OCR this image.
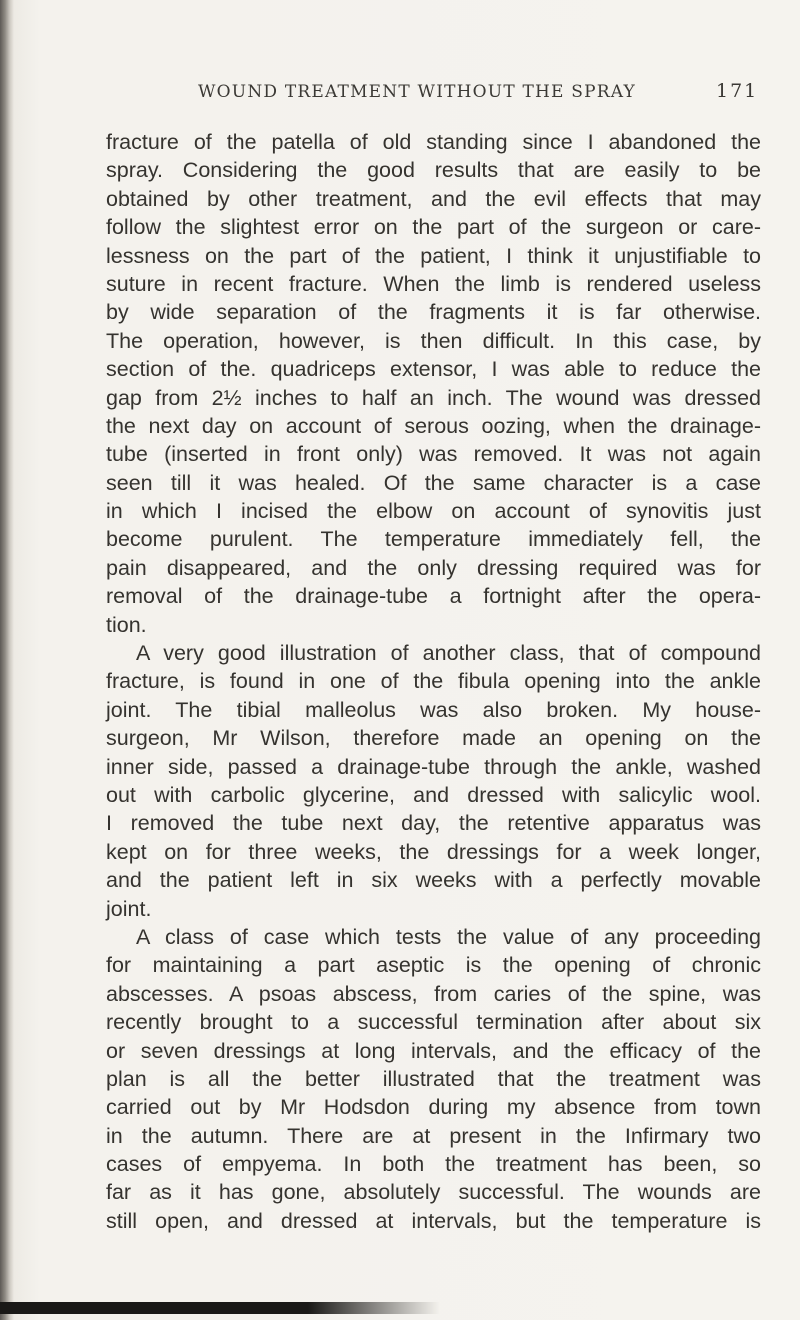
WOUND TREATMENT WITHOUT THE SPRAY	171
fracture of the patella of old standing since I abandoned the
spray. Considering the good results that are easily to be
obtained by other treatment, and the evil effects that may
follow the slightest error on the part of the surgeon or care-
lessness on the part of the patient, I think it unjustifiable to
suture in recent fracture. When the limb is rendered useless
by wide separation of the fragments it is far otherwise.
The operation, however, is then difficult. In this case, by
section of the. quadriceps extensor, I was able to reduce the
gap from 2½ inches to half an inch. The wound was dressed
the next day on account of serous oozing, when the drainage-
tube (inserted in front only) was removed. It was not again
seen till it was healed. Of the same character is a case
in which I incised the elbow on account of synovitis just
become purulent. The temperature immediately fell, the
pain disappeared, and the only dressing required was for
removal of the drainage-tube a fortnight after the opera-
tion.
A very good illustration of another class, that of compound
fracture, is found in one of the fibula opening into the ankle
joint. The tibial malleolus was also broken. My house-
surgeon, Mr Wilson, therefore made an opening on the
inner side, passed a drainage-tube through the ankle, washed
out with carbolic glycerine, and dressed with salicylic wool.
I removed the tube next day, the retentive apparatus was
kept on for three weeks, the dressings for a week longer,
and the patient left in six weeks with a perfectly movable
joint.
A class of case which tests the value of any proceeding
for maintaining a part aseptic is the opening of chronic
abscesses. A psoas abscess, from caries of the spine, was
recently brought to a successful termination after about six
or seven dressings at long intervals, and the efficacy of the
plan is all the better illustrated that the treatment was
carried out by Mr Hodsdon during my absence from town
in the autumn. There are at present in the Infirmary two
cases of empyema. In both the treatment has been, so
far as it has gone, absolutely successful. The wounds are
still open, and dressed at intervals, but the temperature is
